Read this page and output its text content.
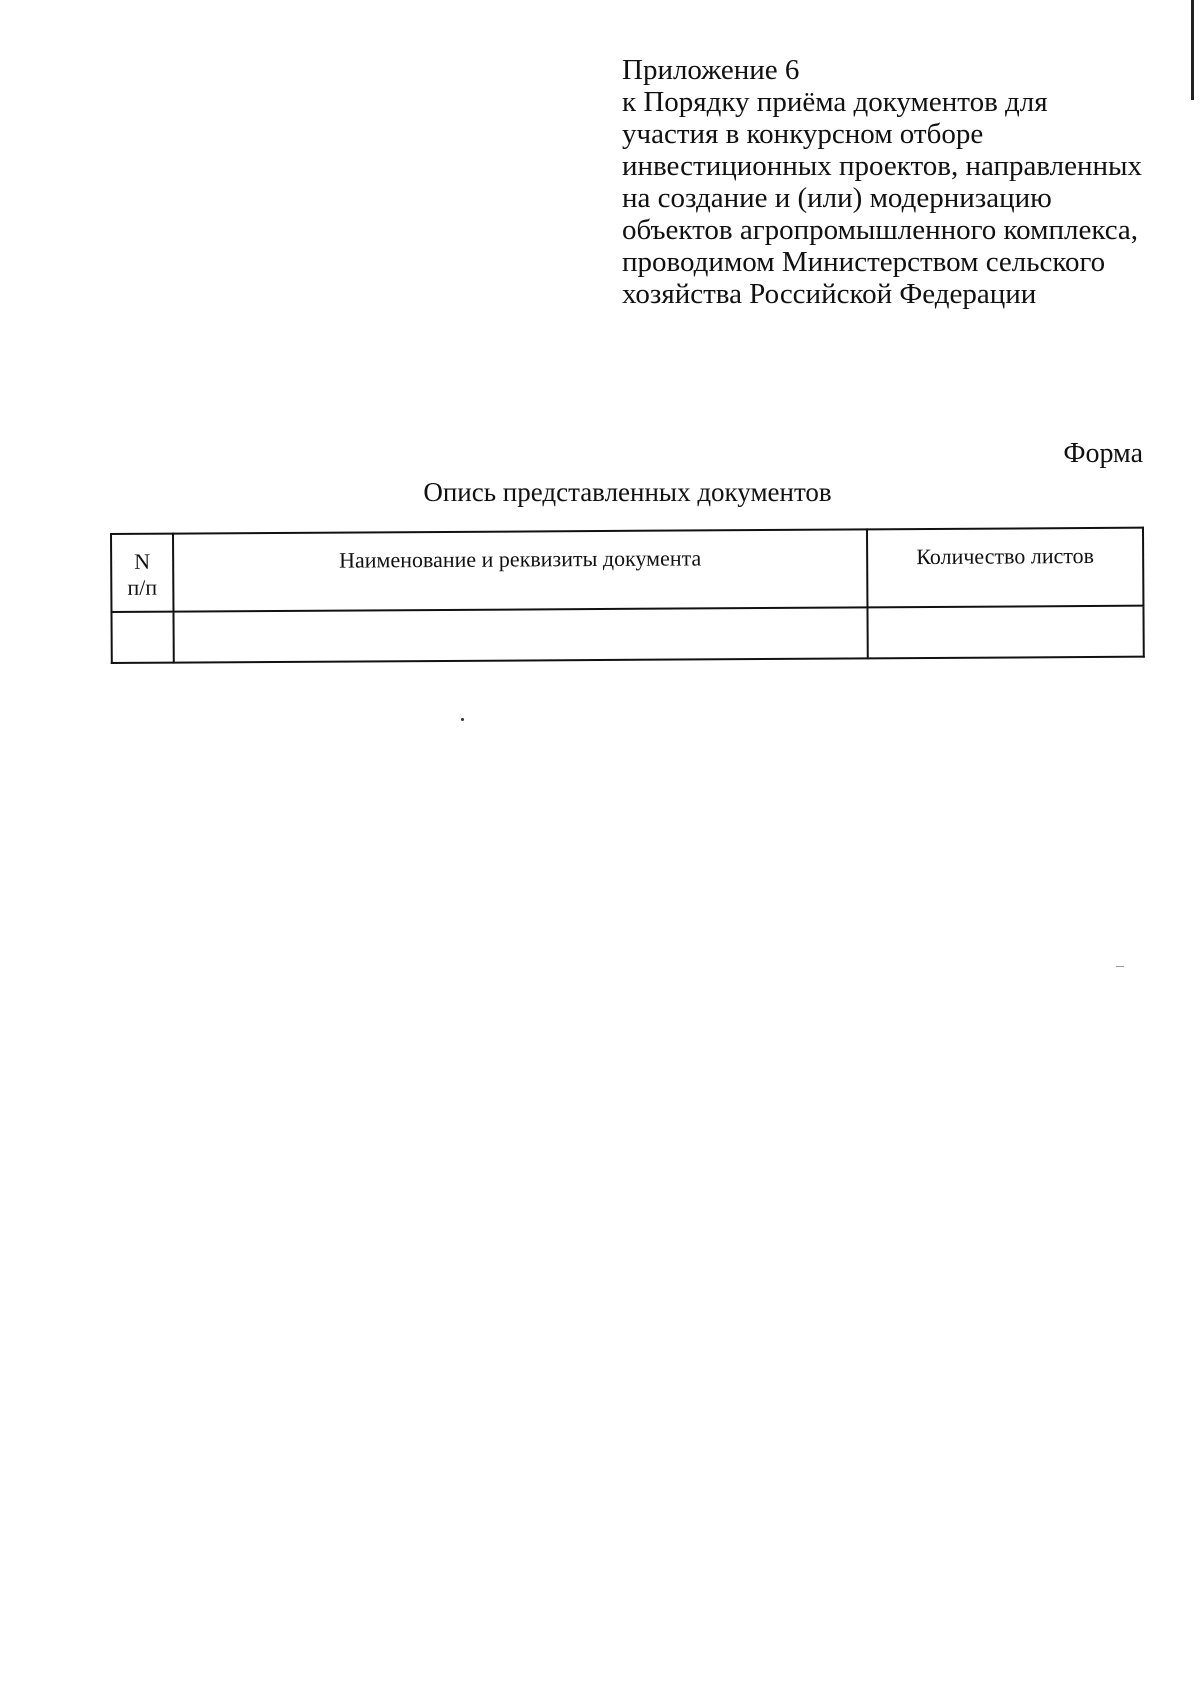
Приложение 6
к Порядку приёма документов для
участия в конкурсном отборе
инвестиционных проектов, направленных
на создание и (или) модернизацию
объектов агропромышленного комплекса,
проводимом Министерством сельского
хозяйства Российской Федерации
Форма
Опись представленных документов
N
п/п	Наименование и реквизиты документа	Количество листов
